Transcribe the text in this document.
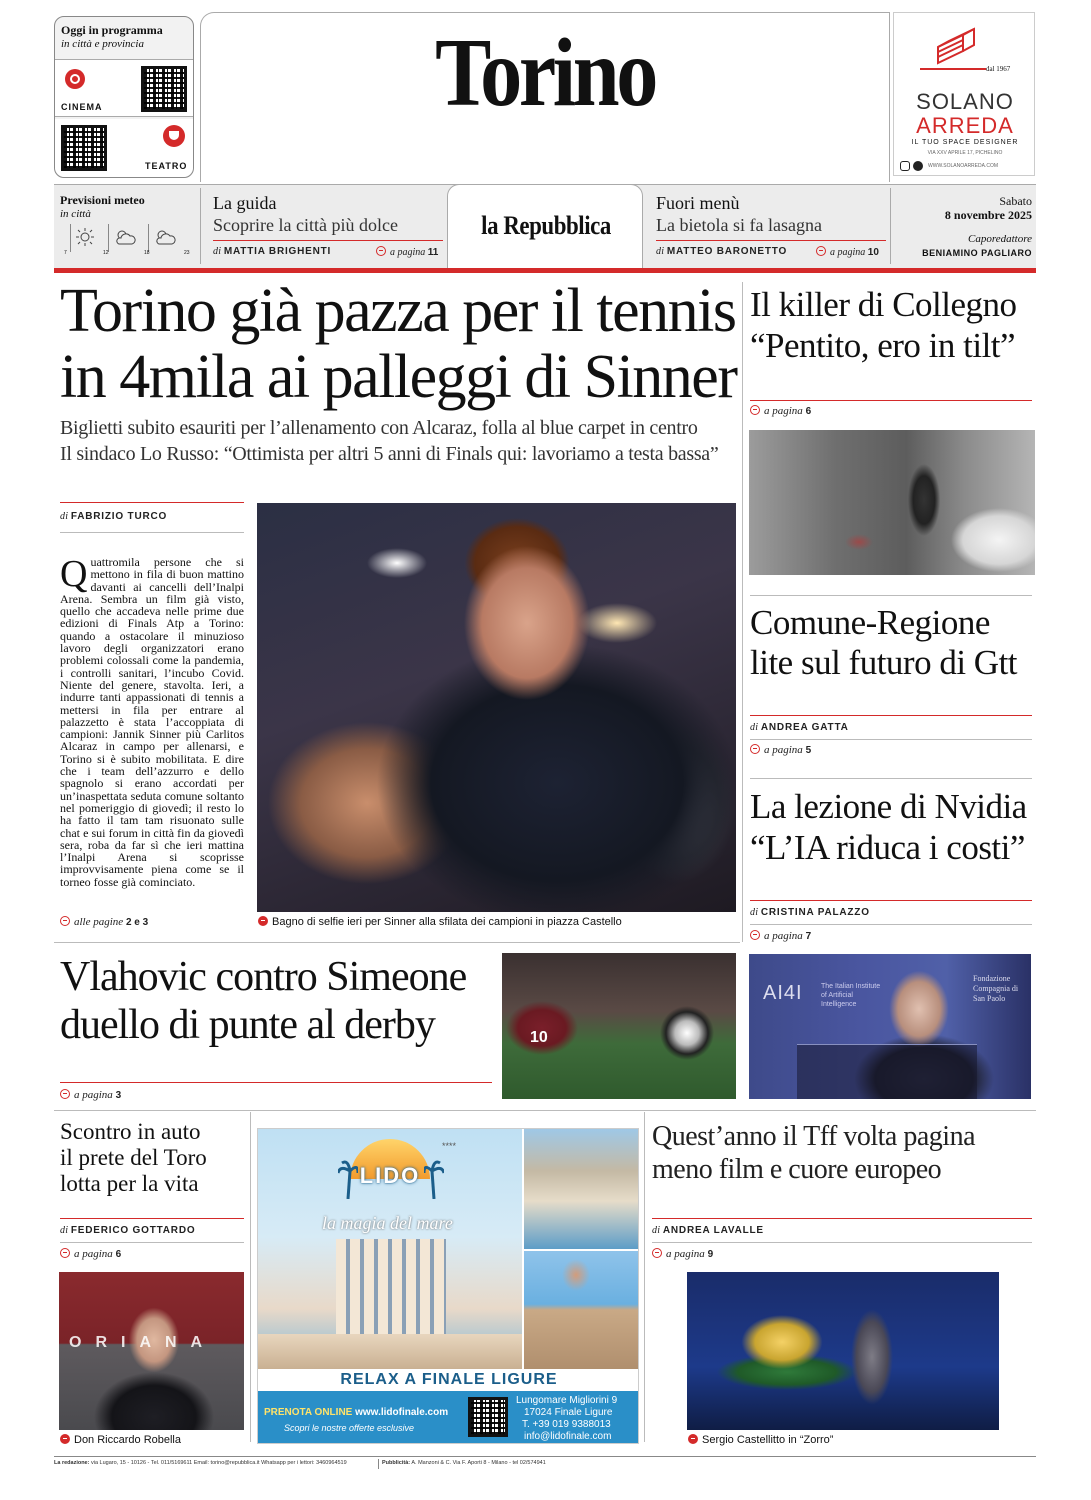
Oggi in programma
in città e provincia
CINEMA
TEATRO
Torino	dal 1967
SOLANO
ARREDA
IL TUO SPACE DESIGNER
VIA XXV APRILE 17, PICHELINO
WWW.SOLANOARREDA.COM
Previsioni meteo
in città
7	12	18	23
La guida
Scoprire la città più dolce
di MATTIA BRIGHENTI	a pagina 11
la Repubblica
Fuori menù
La bietola si fa lasagna
di MATTEO BARONETTO	a pagina 10
Sabato
8 novembre 2025
Caporedattore
BENIAMINO PAGLIARO
Torino già pazza per il tennis
in 4mila ai palleggi di Sinner
Biglietti subito esauriti per l’allenamento con Alcaraz, folla al blue carpet in centro
Il sindaco Lo Russo: “Ottimista per altri 5 anni di Finals qui: lavoriamo a testa bassa”
di FABRIZIO TURCO
Quattromila persone che si mettono in fila di buon mattino davanti ai cancelli dell’Inalpi Arena. Sembra un film già visto, quello che accadeva nelle prime due edizioni di Finals Atp a Torino: quando a ostacolare il minuzioso lavoro degli organizzatori erano problemi colossali come la pandemia, i controlli sanitari, l’incubo Covid. Niente del genere, stavolta. Ieri, a indurre tanti appassionati di tennis a mettersi in fila per entrare al palazzetto è stata l’accoppiata di campioni: Jannik Sinner più Carlitos Alcaraz in campo per allenarsi, e Torino si è subito mobilitata. E dire che i team dell’azzurro e dello spagnolo si erano accordati per un’inaspettata seduta comune soltanto nel pomeriggio di giovedì; il resto lo ha fatto il tam tam risuonato sulle chat e sui forum in città fin da giovedì sera, roba da far sì che ieri mattina l’Inalpi Arena si scoprisse improvvisamente piena come se il torneo fosse già cominciato.
alle pagine 2 e 3	Bagno di selfie ieri per Sinner alla sfilata dei campioni in piazza Castello
Il killer di Collegno
“Pentito, ero in tilt”
a pagina 6
Comune-Regione
lite sul futuro di Gtt
di ANDREA GATTA
a pagina 5
La lezione di Nvidia
“L’IA riduca i costi”
di CRISTINA PALAZZO
a pagina 7
AI4I	The Italian Institute of Artificial Intelligence
Fondazione Compagnia di San Paolo
Vlahovic contro Simeone
duello di punte al derby
a pagina 3
10
Scontro in auto
il prete del Toro
lotta per la vita
di FEDERICO GOTTARDO
a pagina 6
ORIANA
Don Riccardo Robella
LIDO
****
la magia del mare
RELAX A FINALE LIGURE
PRENOTA ONLINE www.lidofinale.com
Scopri le nostre offerte esclusive
Lungomare Migliorini 9
17024 Finale Ligure
T. +39 019 9388013
info@lidofinale.com
Quest’anno il Tff volta pagina
meno film e cuore europeo
di ANDREA LAVALLE
a pagina 9
Sergio Castellitto in “Zorro”
La redazione: via Lugaro, 15 - 10126 - Tel. 011/5169611 Email: torino@repubblica.it Whatsapp per i lettori: 3460964519	Pubblicità: A. Manzoni & C. Via F. Aporti 8 - Milano - tel 02/574941
